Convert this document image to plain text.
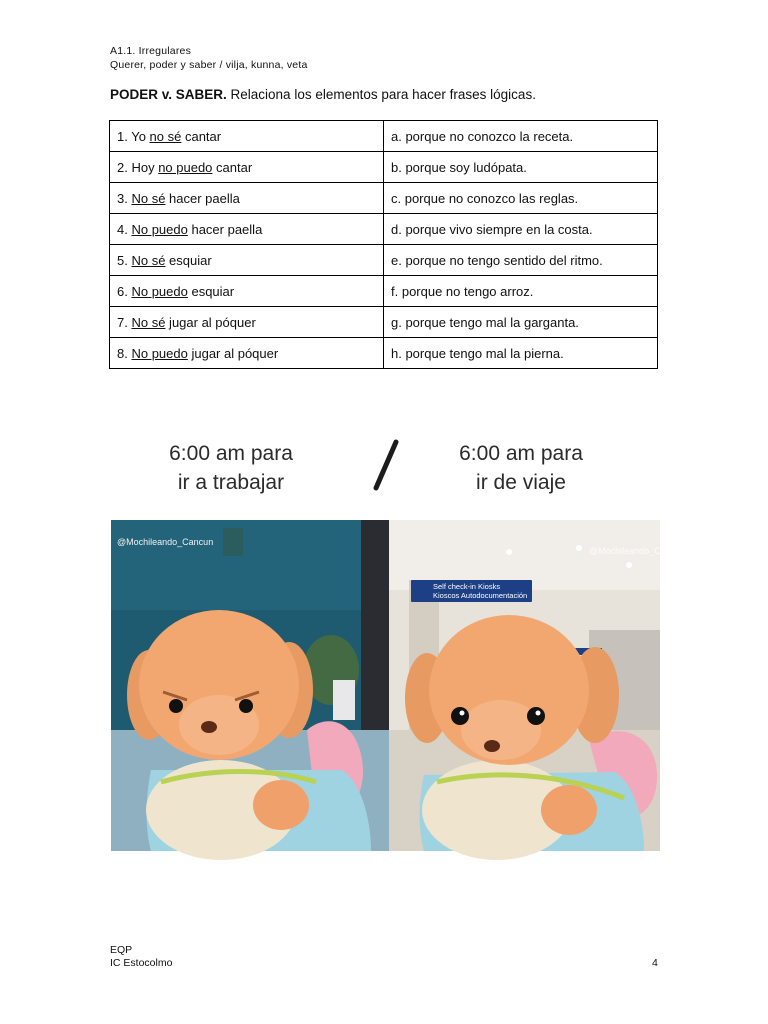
A1.1. Irregulares
Querer, poder y saber / vilja, kunna, veta
PODER v. SABER. Relaciona los elementos para hacer frases lógicas.
1. Yo no sé cantar	a. porque no conozco la receta.
2. Hoy no puedo cantar	b. porque soy ludópata.
3. No sé hacer paella	c. porque no conozco las reglas.
4. No puedo hacer paella	d. porque vivo siempre en la costa.
5. No sé esquiar	e. porque no tengo sentido del ritmo.
6. No puedo esquiar	f. porque no tengo arroz.
7. No sé jugar al póquer	g. porque tengo mal la garganta.
8. No puedo jugar al póquer	h. porque tengo mal la pierna.
6:00 am para
ir a trabajar
6:00 am para
ir de viaje
@Mochileando_Cancun
Self check-in Kiosks
Kioscos Autodocumentación
@Mochileando_Cancun
EQP
IC Estocolmo	4
